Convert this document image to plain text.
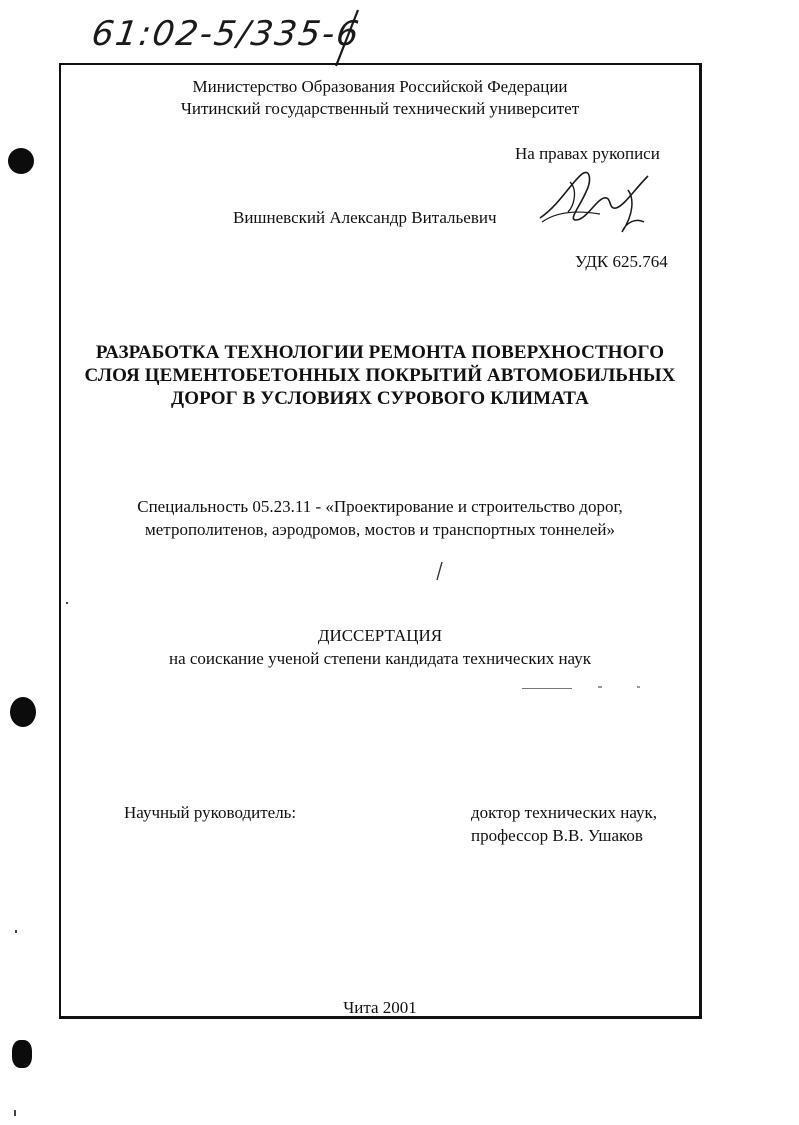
61:02-5/335-6
Министерство Образования Российской Федерации
Читинский государственный технический университет
На правах рукописи
Вишневский Александр Витальевич
УДК 625.764
РАЗРАБОТКА ТЕХНОЛОГИИ РЕМОНТА ПОВЕРХНОСТНОГО
СЛОЯ ЦЕМЕНТОБЕТОННЫХ ПОКРЫТИЙ АВТОМОБИЛЬНЫХ
ДОРОГ В УСЛОВИЯХ СУРОВОГО КЛИМАТА
Специальность 05.23.11 - «Проектирование и строительство дорог,
метрополитенов, аэродромов, мостов и транспортных тоннелей»
ДИССЕРТАЦИЯ
на соискание ученой степени кандидата технических наук
Научный руководитель:	доктор технических наук,
профессор В.В. Ушаков
Чита 2001
